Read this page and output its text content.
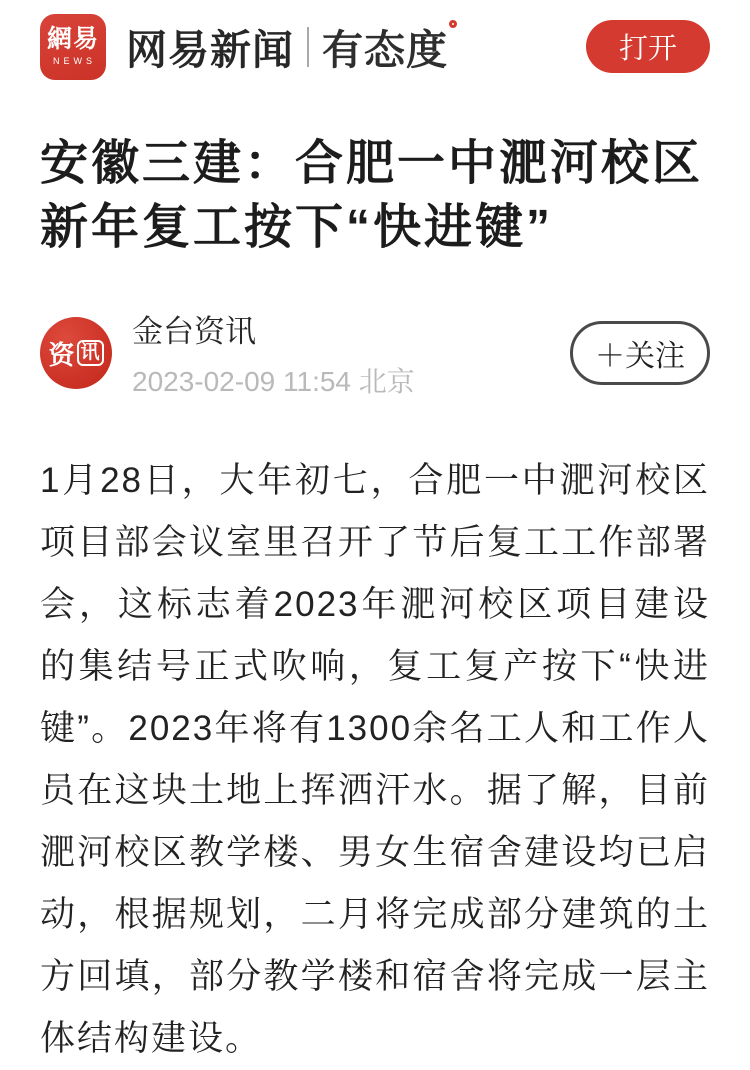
網易
NEWS 网易新闻 有态度	打开
安徽三建：合肥一中淝河校区新年复工按下“快进键”
资 讯
金台资讯
2023-02-09 11:54 北京
＋关注
1月28日，大年初七，合肥一中淝河校区项目部会议室里召开了节后复工工作部署会，这标志着2023年淝河校区项目建设的集结号正式吹响，复工复产按下“快进键”。2023年将有1300余名工人和工作人员在这块土地上挥洒汗水。据了解，目前淝河校区教学楼、男女生宿舍建设均已启动，根据规划，二月将完成部分建筑的土方回填，部分教学楼和宿舍将完成一层主体结构建设。
